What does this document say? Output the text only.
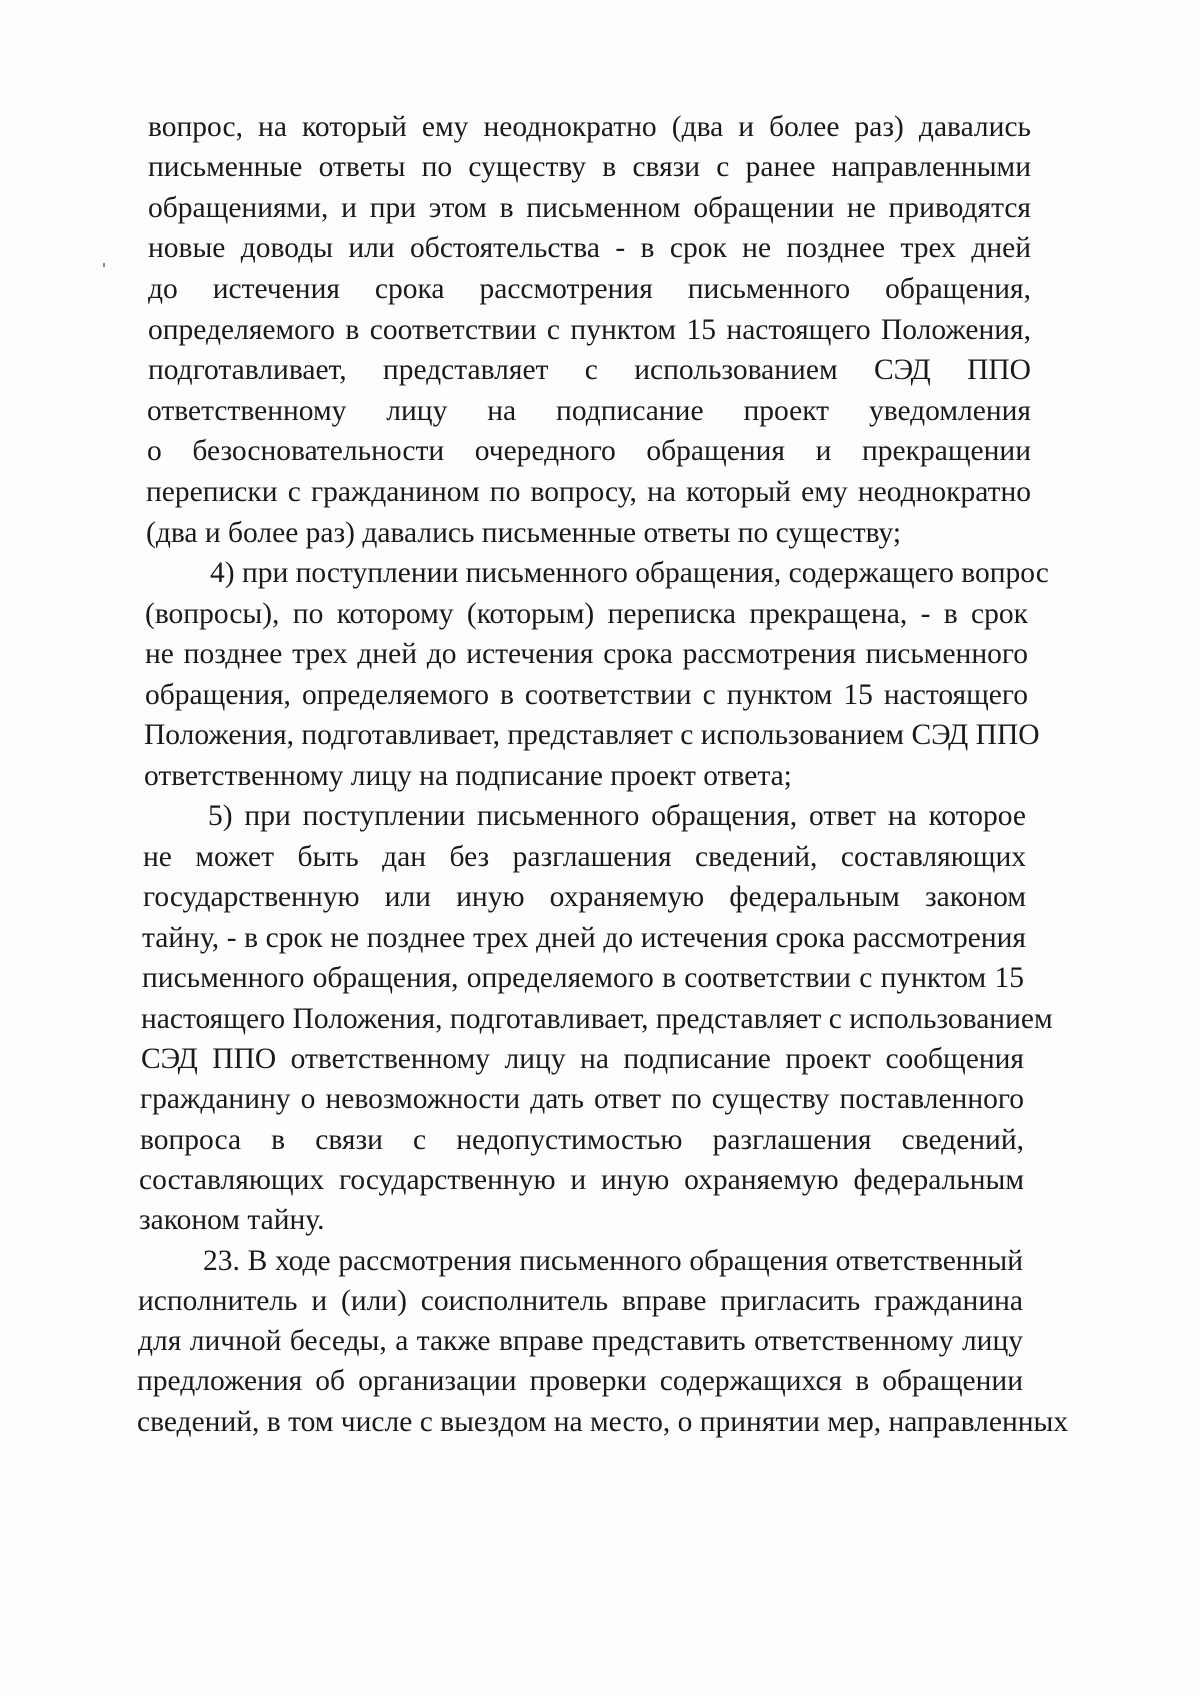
вопрос, на который ему неоднократно (два и более раз) давались

письменные ответы по существу в связи с ранее направленными

обращениями, и при этом в письменном обращении не приводятся

новые доводы или обстоятельства - в срок не позднее трех дней

до истечения срока рассмотрения письменного обращения,

определяемого в соответствии с пунктом 15 настоящего Положения,

подготавливает, представляет с использованием СЭД ППО

ответственному лицу на подписание проект уведомления

о безосновательности очередного обращения и прекращении

переписки с гражданином по вопросу, на который ему неоднократно

(два и более раз) давались письменные ответы по существу;

4) при поступлении письменного обращения, содержащего вопрос

(вопросы), по которому (которым) переписка прекращена, - в срок

не позднее трех дней до истечения срока рассмотрения письменного

обращения, определяемого в соответствии с пунктом 15 настоящего

Положения, подготавливает, представляет с использованием СЭД ППО

ответственному лицу на подписание проект ответа;

5) при поступлении письменного обращения, ответ на которое

не может быть дан без разглашения сведений, составляющих

государственную или иную охраняемую федеральным законом

тайну, - в срок не позднее трех дней до истечения срока рассмотрения

письменного обращения, определяемого в соответствии с пунктом 15

настоящего Положения, подготавливает, представляет с использованием

СЭД ППО ответственному лицу на подписание проект сообщения

гражданину о невозможности дать ответ по существу поставленного

вопроса в связи с недопустимостью разглашения сведений,

составляющих государственную и иную охраняемую федеральным

законом тайну.

23. В ходе рассмотрения письменного обращения ответственный

исполнитель и (или) соисполнитель вправе пригласить гражданина

для личной беседы, а также вправе представить ответственному лицу

предложения об организации проверки содержащихся в обращении

сведений, в том числе с выездом на место, о принятии мер, направленных
